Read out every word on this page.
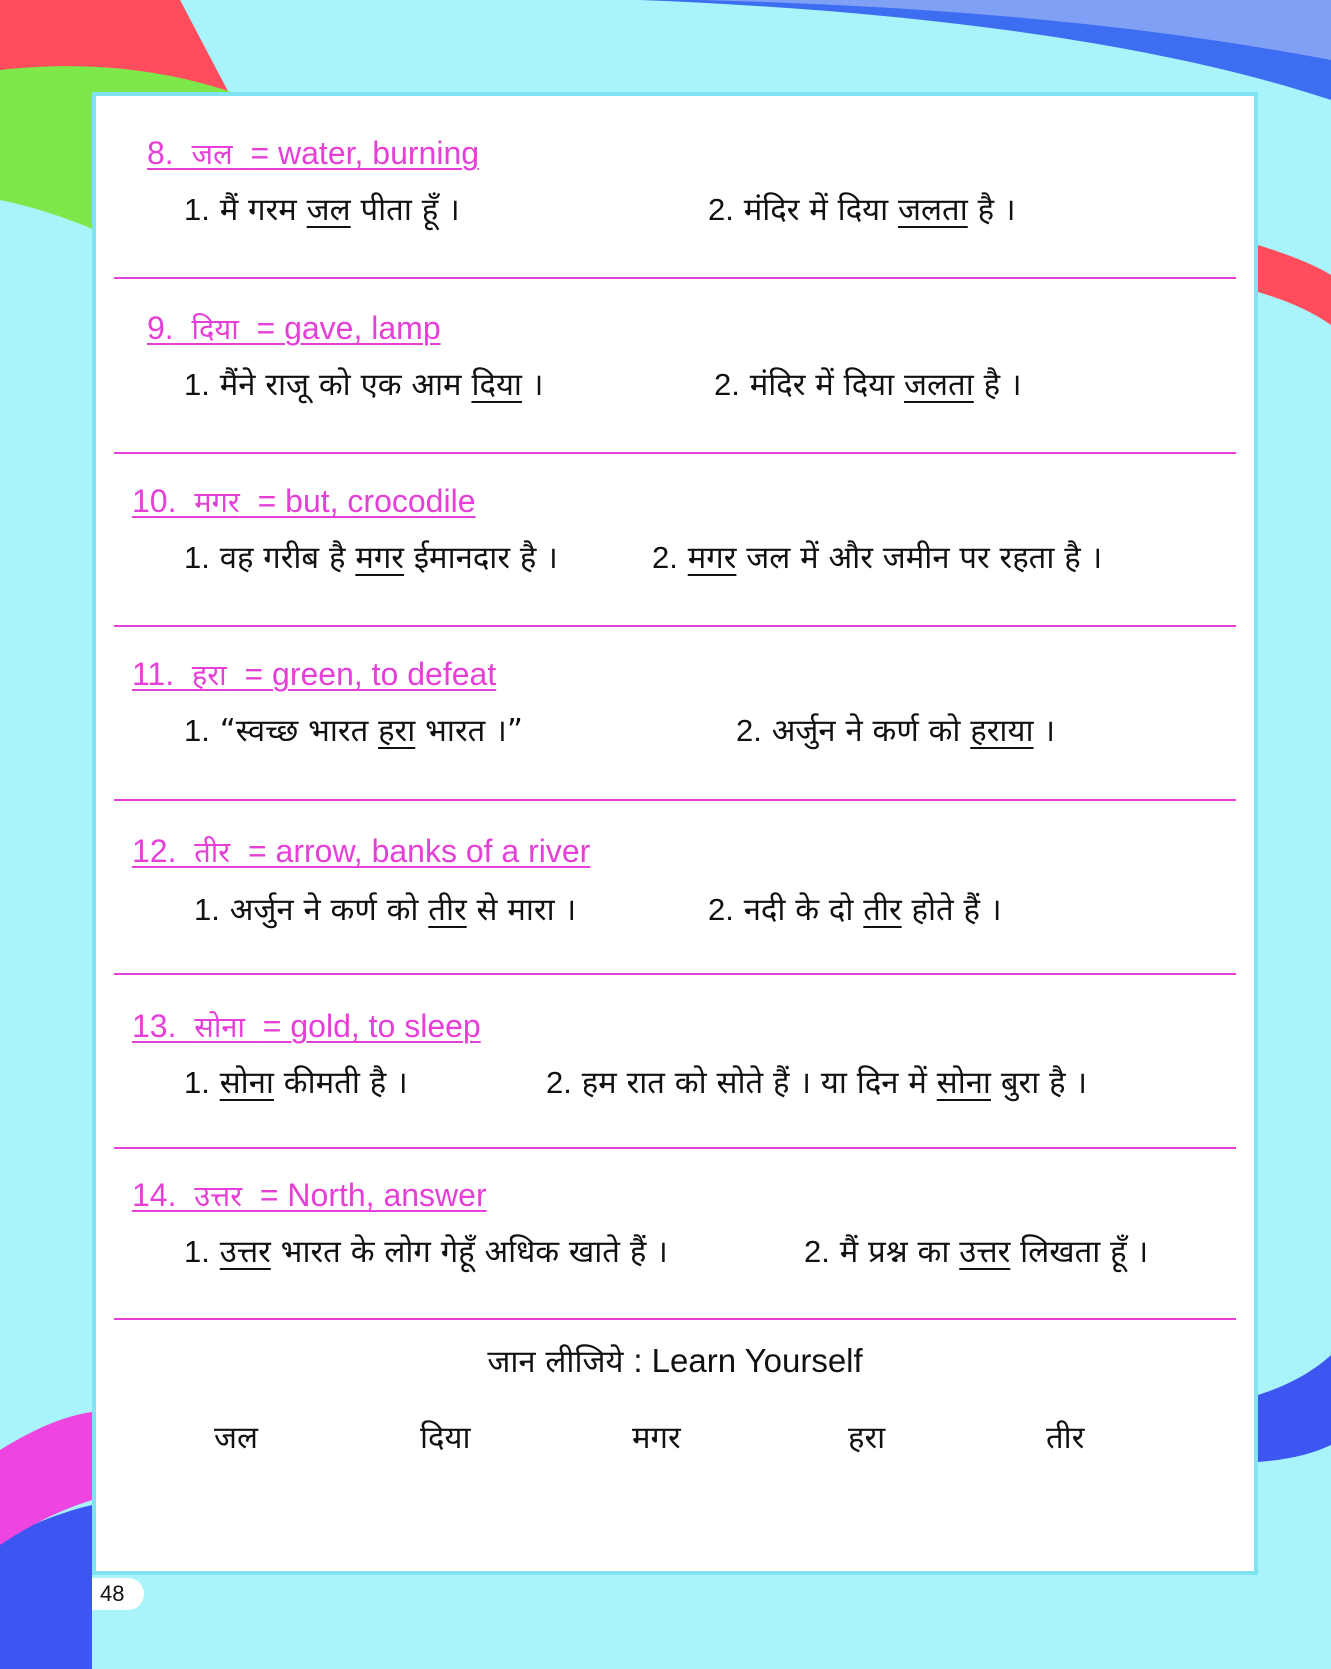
8. जल = water, burning
1. मैं गरम जल पीता हूँ ।	2. मंदिर में दिया जलता है ।
9. दिया = gave, lamp
1. मैंने राजू को एक आम दिया ।	2. मंदिर में दिया जलता है ।
10. मगर = but, crocodile
1. वह गरीब है मगर ईमानदार है ।	2. मगर जल में और जमीन पर रहता है ।
11. हरा = green, to defeat
1. “स्वच्छ भारत हरा भारत ।”	2. अर्जुन ने कर्ण को हराया ।
12. तीर = arrow, banks of a river
1. अर्जुन ने कर्ण को तीर से मारा ।	2. नदी के दो तीर होते हैं ।
13. सोना = gold, to sleep
1. सोना कीमती है ।	2. हम रात को सोते हैं । या दिन में सोना बुरा है ।
14. उत्तर = North, answer
1. उत्तर भारत के लोग गेहूँ अधिक खाते हैं ।	2. मैं प्रश्न का उत्तर लिखता हूँ ।
जान लीजिये : Learn Yourself
जल	दिया	मगर	हरा	तीर
48
